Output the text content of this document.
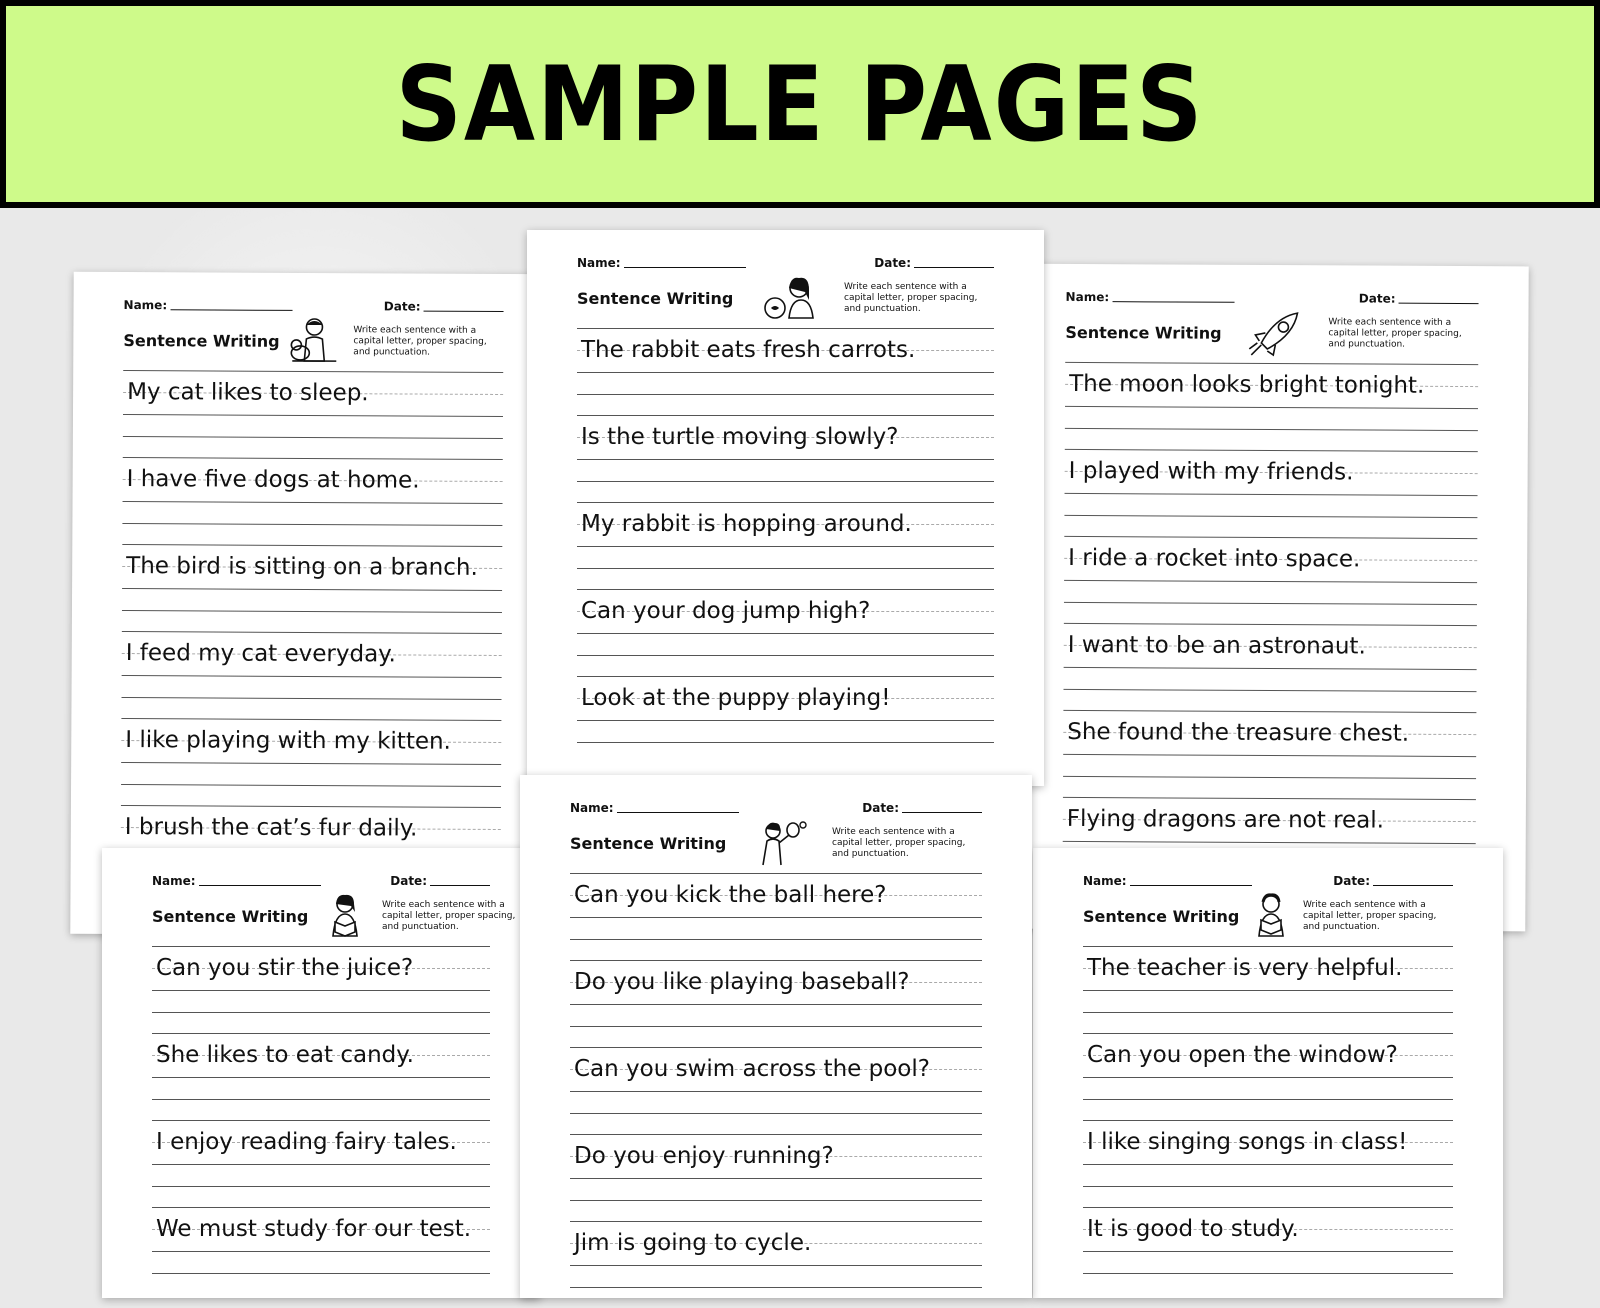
SAMPLE PAGES
Name:	Date:
Sentence Writing
Write each sentence with a
capital letter, proper spacing,
and punctuation.
My cat likes to sleep.
I have five dogs at home.
The bird is sitting on a branch.
I feed my cat everyday.
I like playing with my kitten.
I brush the cat’s fur daily.
Name:	Date:
Sentence Writing
Write each sentence with a
capital letter, proper spacing,
and punctuation.
The moon looks bright tonight.
I played with my friends.
I ride a rocket into space.
I want to be an astronaut.
She found the treasure chest.
Flying dragons are not real.
Name:	Date:
Sentence Writing
Write each sentence with a
capital letter, proper spacing,
and punctuation.
The rabbit eats fresh carrots.
Is the turtle moving slowly?
My rabbit is hopping around.
Can your dog jump high?
Look at the puppy playing!
Name:	Date:
Sentence Writing
Write each sentence with a
capital letter, proper spacing,
and punctuation.
Can you stir the juice?
She likes to eat candy.
I enjoy reading fairy tales.
We must study for our test.
Name:	Date:
Sentence Writing
Write each sentence with a
capital letter, proper spacing,
and punctuation.
The teacher is very helpful.
Can you open the window?
I like singing songs in class!
It is good to study.
Name:	Date:
Sentence Writing
Write each sentence with a
capital letter, proper spacing,
and punctuation.
Can you kick the ball here?
Do you like playing baseball?
Can you swim across the pool?
Do you enjoy running?
Jim is going to cycle.
